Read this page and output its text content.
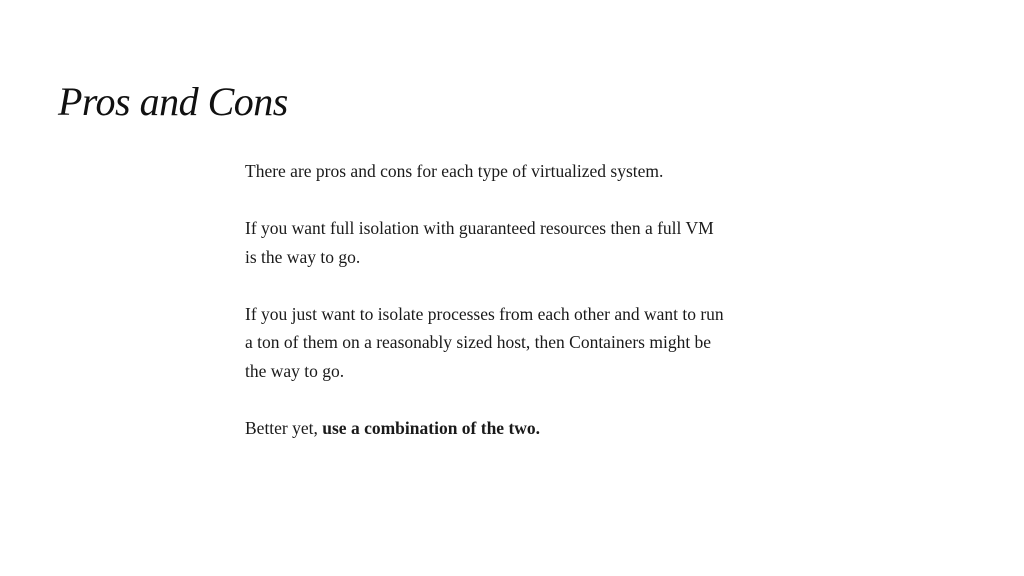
Pros and Cons

There are pros and cons for each type of virtualized system.

If you want full isolation with guaranteed resources then a full VM
is the way to go.

If you just want to isolate processes from each other and want to run
a ton of them on a reasonably sized host, then Containers might be
the way to go.

Better yet, use a combination of the two.
